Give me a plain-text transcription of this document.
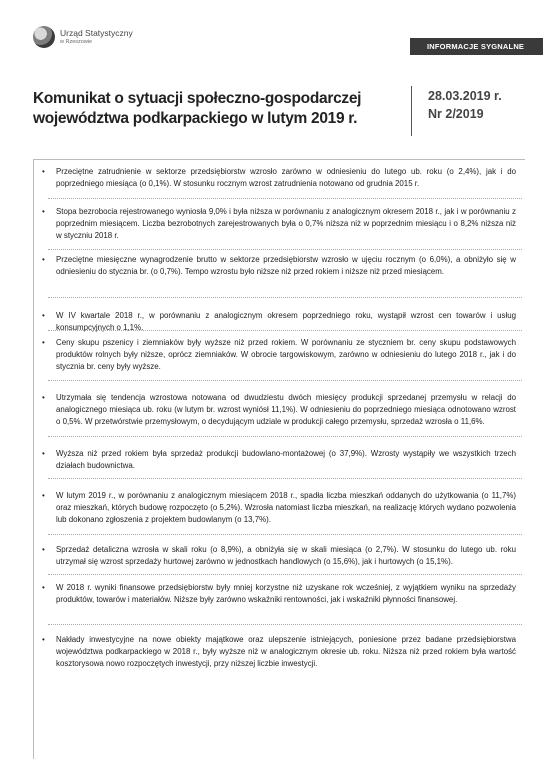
Urząd Statystyczny
w Rzeszowie	INFORMACJE SYGNALNE
Komunikat o sytuacji społeczno-gospodarczej
województwa podkarpackiego w lutym 2019 r.
28.03.2019 r.
Nr 2/2019
• Przeciętne zatrudnienie w sektorze przedsiębiorstw wzrosło zarówno w odniesieniu do lutego ub. roku (o 2,4%), jak i do poprzedniego miesiąca (o 0,1%). W stosunku rocznym wzrost zatrudnienia notowano od grudnia 2015 r.
• Stopa bezrobocia rejestrowanego wyniosła 9,0% i była niższa w porównaniu z analogicznym okresem 2018 r., jak i w porównaniu z poprzednim miesiącem. Liczba bezrobotnych zarejestrowanych była o 0,7% niższa niż w poprzednim miesiącu i o 8,2% niższa niż w styczniu 2018 r.
• Przeciętne miesięczne wynagrodzenie brutto w sektorze przedsiębiorstw wzrosło w ujęciu rocznym (o 6,0%), a obniżyło się w odniesieniu do stycznia br. (o 0,7%). Tempo wzrostu było niższe niż przed rokiem i niższe niż przed miesiącem.
• W IV kwartale 2018 r., w porównaniu z analogicznym okresem poprzedniego roku, wystąpił wzrost cen towarów i usług konsumpcyjnych o 1,1%.
• Ceny skupu pszenicy i ziemniaków były wyższe niż przed rokiem. W porównaniu ze styczniem br. ceny skupu podstawowych produktów rolnych były niższe, oprócz ziemniaków. W obrocie targowiskowym, zarówno w odniesieniu do lutego 2018 r., jak i do stycznia br. ceny były wyższe.
• Utrzymała się tendencja wzrostowa notowana od dwudziestu dwóch miesięcy produkcji sprzedanej przemysłu w relacji do analogicznego miesiąca ub. roku (w lutym br. wzrost wyniósł 11,1%). W odniesieniu do poprzedniego miesiąca odnotowano wzrost o 0,5%. W przetwórstwie przemysłowym, o decydującym udziale w produkcji całego przemysłu, sprzedaż wzrosła o 11,6%.
• Wyższa niż przed rokiem była sprzedaż produkcji budowlano-montażowej (o 37,9%). Wzrosty wystąpiły we wszystkich trzech działach budownictwa.
• W lutym 2019 r., w porównaniu z analogicznym miesiącem 2018 r., spadła liczba mieszkań oddanych do użytkowania (o 11,7%) oraz mieszkań, których budowę rozpoczęto (o 5,2%). Wzrosła natomiast liczba mieszkań, na realizację których wydano pozwolenia lub dokonano zgłoszenia z projektem budowlanym (o 13,7%).
• Sprzedaż detaliczna wzrosła w skali roku (o 8,9%), a obniżyła się w skali miesiąca (o 2,7%). W stosunku do lutego ub. roku utrzymał się wzrost sprzedaży hurtowej zarówno w jednostkach handlowych (o 15,6%), jak i hurtowych (o 15,1%).
• W 2018 r. wyniki finansowe przedsiębiorstw były mniej korzystne niż uzyskane rok wcześniej, z wyjątkiem wyniku na sprzedaży produktów, towarów i materiałów. Niższe były zarówno wskaźniki rentowności, jak i wskaźniki płynności finansowej.
• Nakłady inwestycyjne na nowe obiekty majątkowe oraz ulepszenie istniejących, poniesione przez badane przedsiębiorstwa województwa podkarpackiego w 2018 r., były wyższe niż w analogicznym okresie ub. roku. Niższa niż przed rokiem była wartość kosztorysowa nowo rozpoczętych inwestycji, przy niższej liczbie inwestycji.
